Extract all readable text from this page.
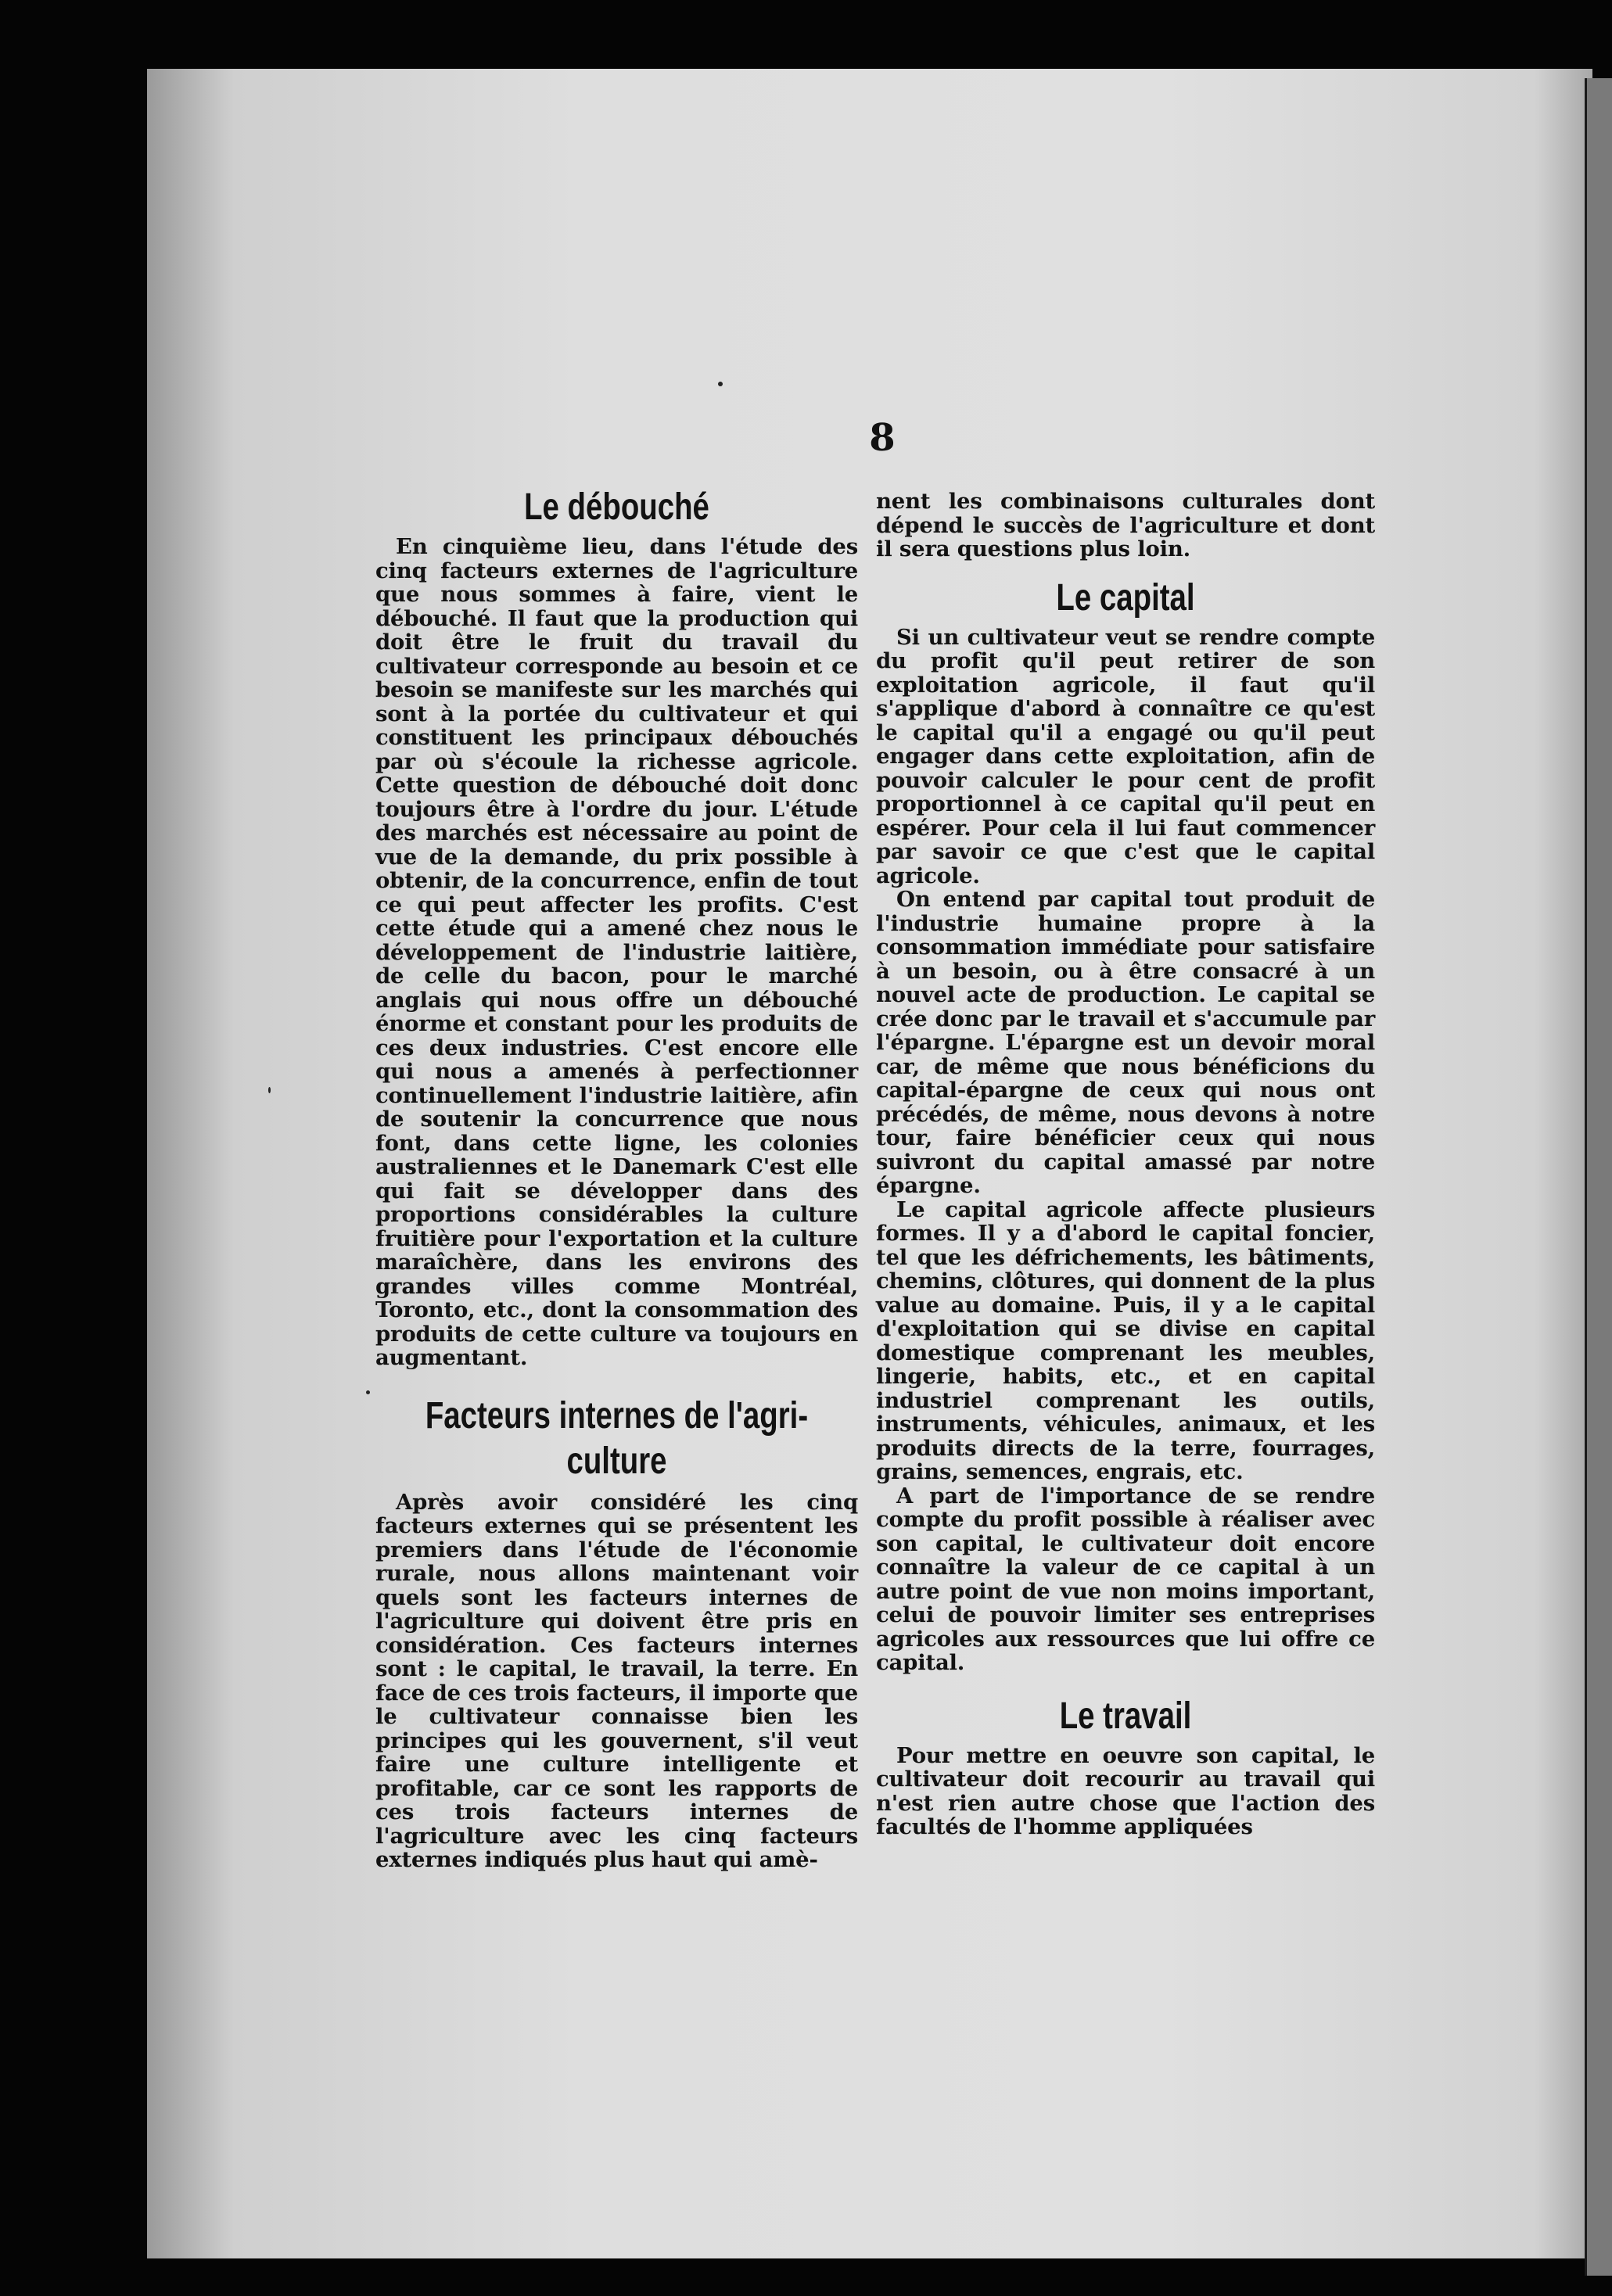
8
Le débouché

En cinquième lieu, dans l'étude des cinq facteurs externes de l'agriculture que nous sommes à faire, vient le débouché. Il faut que la production qui doit être le fruit du travail du cultivateur corresponde au besoin et ce besoin se manifeste sur les marchés qui sont à la portée du cultivateur et qui constituent les principaux débouchés par où s'écoule la richesse agricole. Cette question de débouché doit donc toujours être à l'ordre du jour. L'étude des marchés est nécessaire au point de vue de la demande, du prix possible à obtenir, de la concurrence, enfin de tout ce qui peut affecter les profits. C'est cette étude qui a amené chez nous le développement de l'industrie laitière, de celle du bacon, pour le marché anglais qui nous offre un débouché énorme et constant pour les produits de ces deux industries. C'est encore elle qui nous a amenés à perfectionner continuellement l'industrie laitière, afin de soutenir la concurrence que nous font, dans cette ligne, les colonies australiennes et le Danemark C'est elle qui fait se développer dans des proportions considérables la culture fruitière pour l'exportation et la culture maraîchère, dans les environs des grandes villes comme Montréal, Toronto, etc., dont la consommation des produits de cette culture va toujours en augmentant.

Facteurs internes de l'agri-
culture

Après avoir considéré les cinq facteurs externes qui se présentent les premiers dans l'étude de l'économie rurale, nous allons maintenant voir quels sont les facteurs internes de l'agriculture qui doivent être pris en considération. Ces facteurs internes sont : le capital, le travail, la terre. En face de ces trois facteurs, il importe que le cultivateur connaisse bien les principes qui les gouvernent, s'il veut faire une culture intelligente et profitable, car ce sont les rapports de ces trois facteurs internes de l'agriculture avec les cinq facteurs externes indiqués plus haut qui amè-

nent les combinaisons culturales dont dépend le succès de l'agriculture et dont il sera questions plus loin.

Le capital

Si un cultivateur veut se rendre compte du profit qu'il peut retirer de son exploitation agricole, il faut qu'il s'applique d'abord à connaître ce qu'est le capital qu'il a engagé ou qu'il peut engager dans cette exploitation, afin de pouvoir calculer le pour cent de profit proportionnel à ce capital qu'il peut en espérer. Pour cela il lui faut commencer par savoir ce que c'est que le capital agricole.

On entend par capital tout produit de l'industrie humaine propre à la consommation immédiate pour satisfaire à un besoin, ou à être consacré à un nouvel acte de production. Le capital se crée donc par le travail et s'accumule par l'épargne. L'épargne est un devoir moral car, de même que nous bénéficions du capital-épargne de ceux qui nous ont précédés, de même, nous devons à notre tour, faire bénéficier ceux qui nous suivront du capital amassé par notre épargne.

Le capital agricole affecte plusieurs formes. Il y a d'abord le capital foncier, tel que les défrichements, les bâtiments, chemins, clôtures, qui donnent de la plus value au domaine. Puis, il y a le capital d'exploitation qui se divise en capital domestique comprenant les meubles, lingerie, habits, etc., et en capital industriel comprenant les outils, instruments, véhicules, animaux, et les produits directs de la terre, fourrages, grains, semences, engrais, etc.

A part de l'importance de se rendre compte du profit possible à réaliser avec son capital, le cultivateur doit encore connaître la valeur de ce capital à un autre point de vue non moins important, celui de pouvoir limiter ses entreprises agricoles aux ressources que lui offre ce capital.

Le travail

Pour mettre en oeuvre son capital, le cultivateur doit recourir au travail qui n'est rien autre chose que l'action des facultés de l'homme appliquées
